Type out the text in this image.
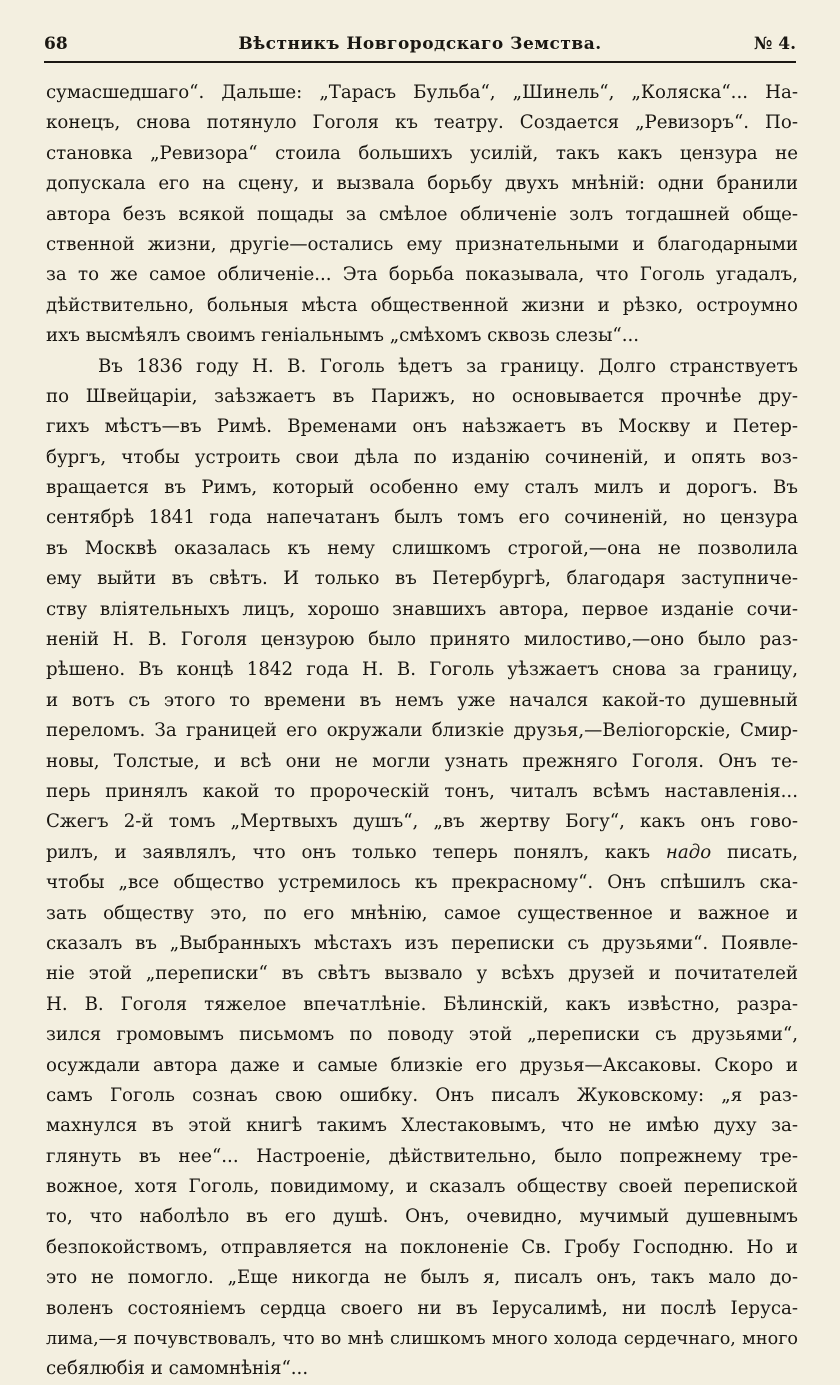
68	Вѣстникъ Новгородскаго Земства.	№ 4.
сумасшедшаго“. Дальше: „Тарасъ Бульба“, „Шинель“, „Коляска“... На-
конецъ, снова потянуло Гоголя къ театру. Создается „Ревизоръ“. По-
становка „Ревизора“ стоила большихъ усилій, такъ какъ цензура не
допускала его на сцену, и вызвала борьбу двухъ мнѣній: одни бранили
автора безъ всякой пощады за смѣлое обличеніе золъ тогдашней обще-
ственной жизни, другіе—остались ему признательными и благодарными
за то же самое обличеніе... Эта борьба показывала, что Гоголь угадалъ,
дѣйствительно, больныя мѣста общественной жизни и рѣзко, остроумно
ихъ высмѣялъ своимъ геніальнымъ „смѣхомъ сквозь слезы“...
Въ 1836 году Н. В. Гоголь ѣдетъ за границу. Долго странствуетъ
по Швейцаріи, заѣзжаетъ въ Парижъ, но основывается прочнѣе дру-
гихъ мѣстъ—въ Римѣ. Временами онъ наѣзжаетъ въ Москву и Петер-
бургъ, чтобы устроить свои дѣла по изданію сочиненій, и опять воз-
вращается въ Римъ, который особенно ему сталъ милъ и дорогъ. Въ
сентябрѣ 1841 года напечатанъ былъ томъ его сочиненій, но цензура
въ Москвѣ оказалась къ нему слишкомъ строгой,—она не позволила
ему выйти въ свѣтъ. И только въ Петербургѣ, благодаря заступниче-
ству вліятельныхъ лицъ, хорошо знавшихъ автора, первое изданіе сочи-
неній Н. В. Гоголя цензурою было принято милостиво,—оно было раз-
рѣшено. Въ концѣ 1842 года Н. В. Гоголь уѣзжаетъ снова за границу,
и вотъ съ этого то времени въ немъ уже начался какой-то душевный
переломъ. За границей его окружали близкіе друзья,—Веліогорскіе, Смир-
новы, Толстые, и всѣ они не могли узнать прежняго Гоголя. Онъ те-
перь принялъ какой то пророческій тонъ, читалъ всѣмъ наставленія...
Сжегъ 2-й томъ „Мертвыхъ душъ“, „въ жертву Богу“, какъ онъ гово-
рилъ, и заявлялъ, что онъ только теперь понялъ, какъ надо писать,
чтобы „все общество устремилось къ прекрасному“. Онъ спѣшилъ ска-
зать обществу это, по его мнѣнію, самое существенное и важное и
сказалъ въ „Выбранныхъ мѣстахъ изъ переписки съ друзьями“. Появле-
ніе этой „переписки“ въ свѣтъ вызвало у всѣхъ друзей и почитателей
Н. В. Гоголя тяжелое впечатлѣніе. Бѣлинскій, какъ извѣстно, разра-
зился громовымъ письмомъ по поводу этой „переписки съ друзьями“,
осуждали автора даже и самые близкіе его друзья—Аксаковы. Скоро и
самъ Гоголь сознаъ свою ошибку. Онъ писалъ Жуковскому: „я раз-
махнулся въ этой книгѣ такимъ Хлестаковымъ, что не имѣю духу за-
глянуть въ нее“... Настроеніе, дѣйствительно, было попрежнему тре-
вожное, хотя Гоголь, повидимому, и сказалъ обществу своей перепиской
то, что наболѣло въ его душѣ. Онъ, очевидно, мучимый душевнымъ
безпокойствомъ, отправляется на поклоненіе Св. Гробу Господню. Но и
это не помогло. „Еще никогда не былъ я, писалъ онъ, такъ мало до-
воленъ состояніемъ сердца своего ни въ Іерусалимѣ, ни послѣ Іеруса-
лима,—я почувствовалъ, что во мнѣ слишкомъ много холода сердечнаго, много
себялюбія и самомнѣнія“...
